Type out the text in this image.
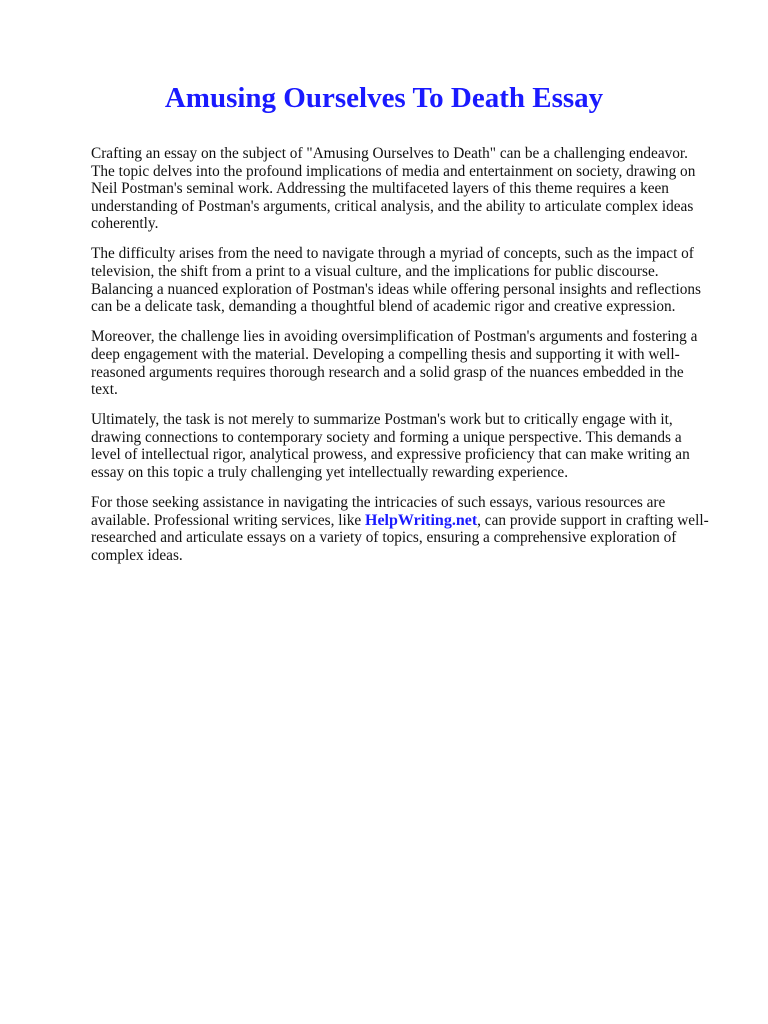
Amusing Ourselves To Death Essay

Crafting an essay on the subject of "Amusing Ourselves to Death" can be a challenging endeavor. The topic delves into the profound implications of media and entertainment on society, drawing on Neil Postman's seminal work. Addressing the multifaceted layers of this theme requires a keen understanding of Postman's arguments, critical analysis, and the ability to articulate complex ideas coherently.

The difficulty arises from the need to navigate through a myriad of concepts, such as the impact of television, the shift from a print to a visual culture, and the implications for public discourse. Balancing a nuanced exploration of Postman's ideas while offering personal insights and reflections can be a delicate task, demanding a thoughtful blend of academic rigor and creative expression.

Moreover, the challenge lies in avoiding oversimplification of Postman's arguments and fostering a deep engagement with the material. Developing a compelling thesis and supporting it with well-reasoned arguments requires thorough research and a solid grasp of the nuances embedded in the text.

Ultimately, the task is not merely to summarize Postman's work but to critically engage with it, drawing connections to contemporary society and forming a unique perspective. This demands a level of intellectual rigor, analytical prowess, and expressive proficiency that can make writing an essay on this topic a truly challenging yet intellectually rewarding experience.

For those seeking assistance in navigating the intricacies of such essays, various resources are available. Professional writing services, like HelpWriting.net, can provide support in crafting well-researched and articulate essays on a variety of topics, ensuring a comprehensive exploration of complex ideas.
